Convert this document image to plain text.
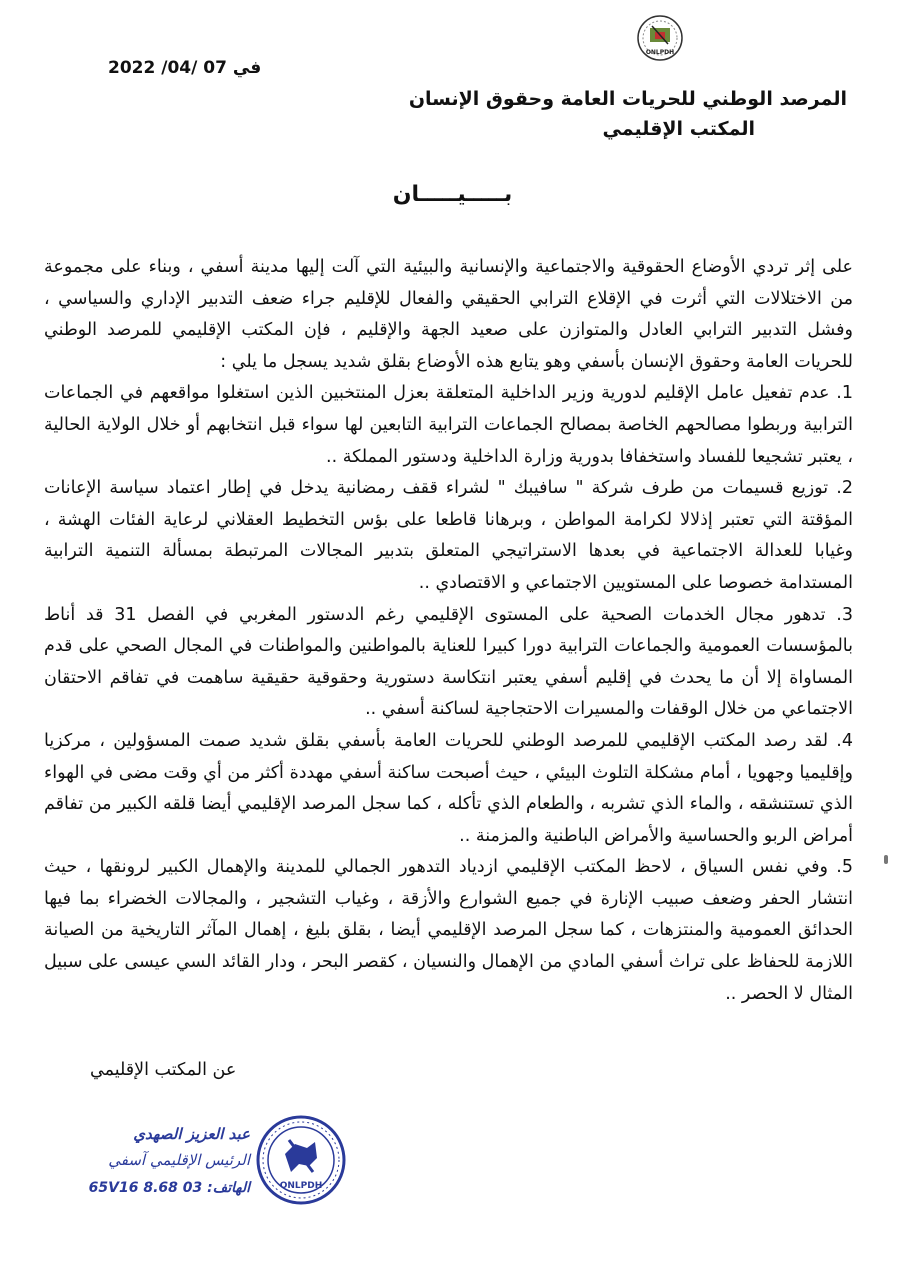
ONLPDH
في 07 /04/ 2022
المرصد الوطني للحريات العامة وحقوق الإنسان
المكتب الإقليمي
بـــــيـــــان

على إثر تردي الأوضاع الحقوقية والاجتماعية والإنسانية والبيئية التي آلت إليها مدينة أسفي ، وبناء على مجموعة من الاختلالات التي أثرت في الإقلاع الترابي الحقيقي والفعال للإقليم جراء ضعف التدبير الإداري والسياسي ، وفشل التدبير الترابي العادل والمتوازن على صعيد الجهة والإقليم ، فإن المكتب الإقليمي للمرصد الوطني للحريات العامة وحقوق الإنسان بأسفي وهو يتابع هذه الأوضاع بقلق شديد يسجل ما يلي :

1. عدم تفعيل عامل الإقليم لدورية وزير الداخلية المتعلقة بعزل المنتخبين الذين استغلوا مواقعهم في الجماعات الترابية وربطوا مصالحهم الخاصة بمصالح الجماعات الترابية التابعين لها سواء قبل انتخابهم أو خلال الولاية الحالية ، يعتبر تشجيعا للفساد واستخفافا بدورية وزارة الداخلية ودستور المملكة ..

2. توزيع قسيمات من طرف شركة " سافيبك " لشراء ققف رمضانية يدخل في إطار اعتماد سياسة الإعانات المؤقتة التي تعتبر إذلالا لكرامة المواطن ، وبرهانا قاطعا على بؤس التخطيط العقلاني لرعاية الفئات الهشة ، وغيابا للعدالة الاجتماعية في بعدها الاستراتيجي المتعلق بتدبير المجالات المرتبطة بمسألة التنمية الترابية المستدامة خصوصا على المستويين الاجتماعي و الاقتصادي ..

3. تدهور مجال الخدمات الصحية على المستوى الإقليمي رغم الدستور المغربي في الفصل 31 قد أناط بالمؤسسات العمومية والجماعات الترابية دورا كبيرا للعناية بالمواطنين والمواطنات في المجال الصحي على قدم المساواة إلا أن ما يحدث في إقليم أسفي يعتبر انتكاسة دستورية وحقوقية حقيقية ساهمت في تفاقم الاحتقان الاجتماعي من خلال الوقفات والمسيرات الاحتجاجية لساكنة أسفي ..

4. لقد رصد المكتب الإقليمي للمرصد الوطني للحريات العامة بأسفي بقلق شديد صمت المسؤولين ، مركزيا وإقليميا وجهويا ، أمام مشكلة التلوث البيئي ، حيث أصبحت ساكنة أسفي مهددة أكثر من أي وقت مضى في الهواء الذي تستنشقه ، والماء الذي تشربه ، والطعام الذي تأكله ، كما سجل المرصد الإقليمي أيضا قلقه الكبير من تفاقم أمراض الربو والحساسية والأمراض الباطنية والمزمنة ..

5. وفي نفس السياق ، لاحظ المكتب الإقليمي ازدياد التدهور الجمالي للمدينة والإهمال الكبير لرونقها ، حيث انتشار الحفر وضعف صبيب الإنارة في جميع الشوارع والأزقة ، وغياب التشجير ، والمجالات الخضراء بما فيها الحدائق العمومية والمنتزهات ، كما سجل المرصد الإقليمي أيضا ، بقلق بليغ ، إهمال المآثر التاريخية من الصيانة اللازمة للحفاظ على تراث أسفي المادي من الإهمال والنسيان ، كقصر البحر ، ودار القائد السي عيسى على سبيل المثال لا الحصر ..

عن المكتب الإقليمي
عبد العزيز الصهدي
الرئيس الإقليمي آسفي
الهاتف: 03 8.68 65ᐯ16	ONLPDH
